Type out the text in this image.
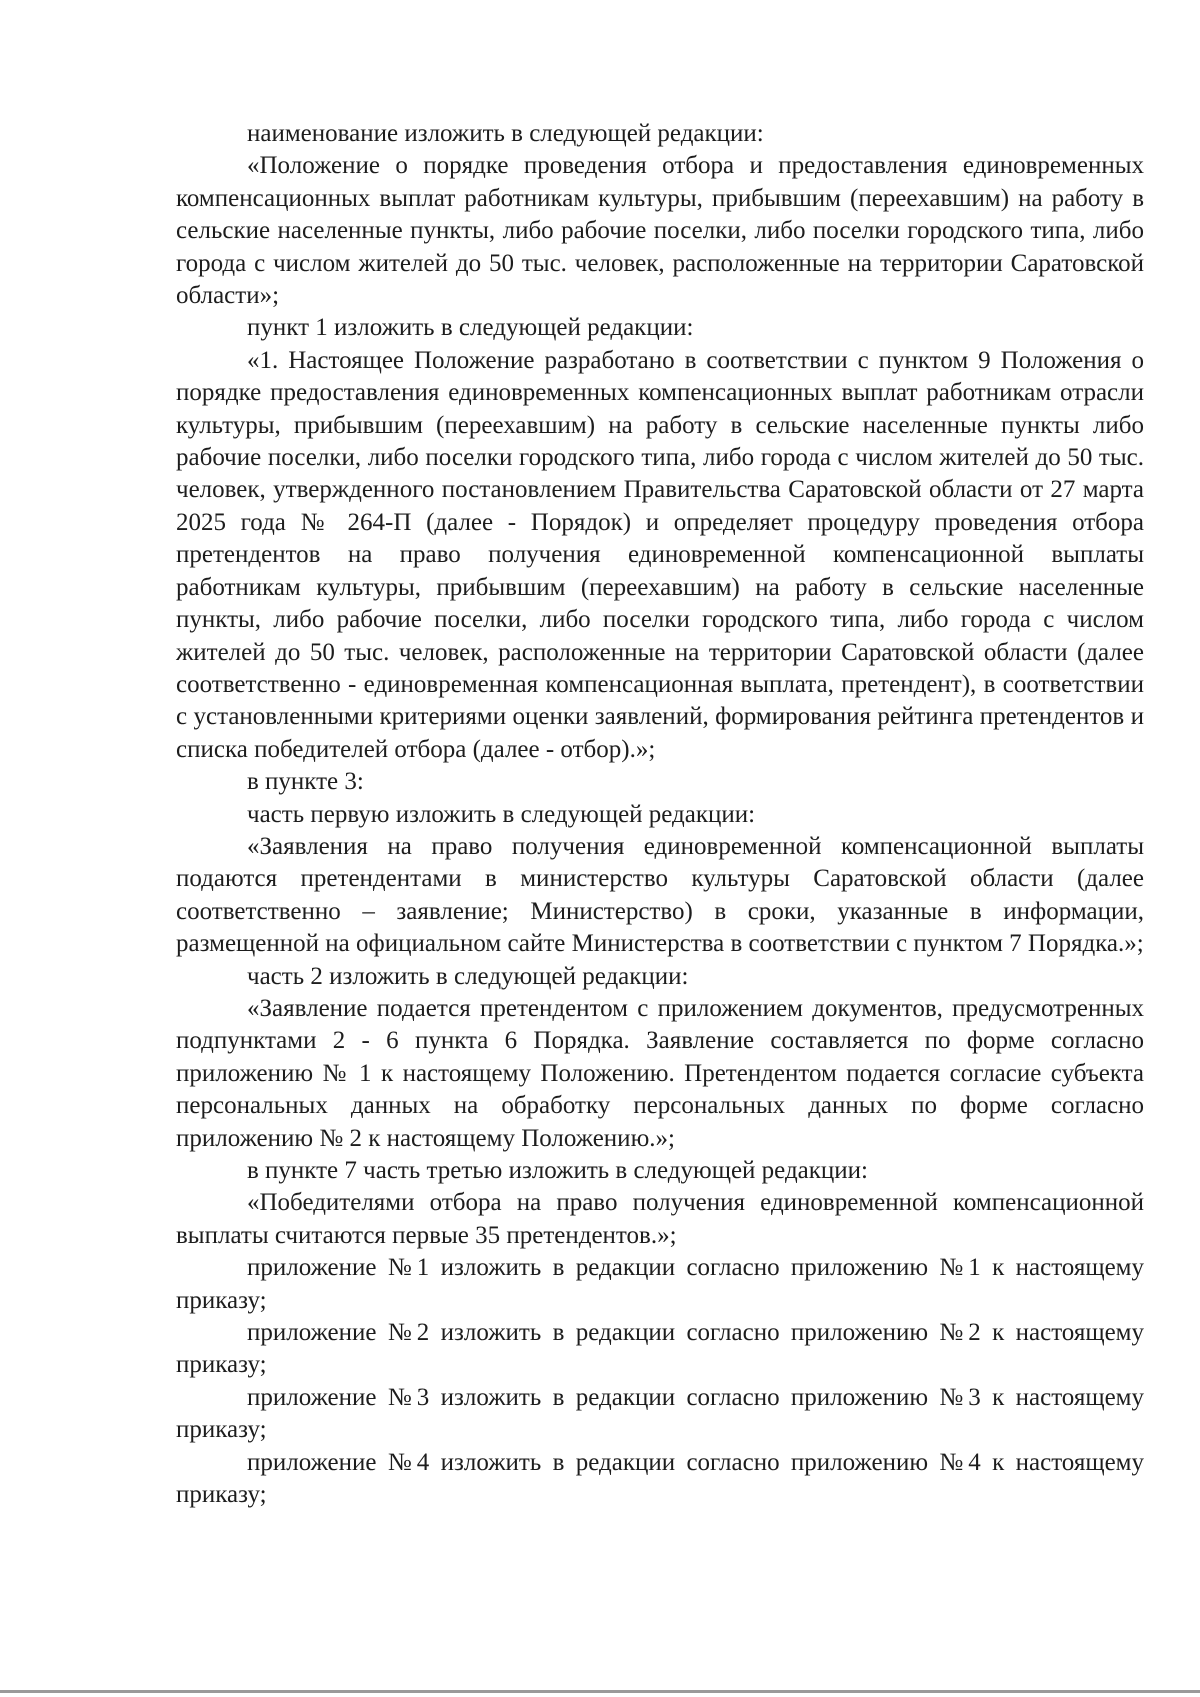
наименование изложить в следующей редакции:

«Положение о порядке проведения отбора и предоставления единовременных компенсационных выплат работникам культуры, прибывшим (переехавшим) на работу в сельские населенные пункты, либо рабочие поселки, либо поселки городского типа, либо города с числом жителей до 50 тыс. человек, расположенные на территории Саратовской области»;

пункт 1 изложить в следующей редакции:

«1. Настоящее Положение разработано в соответствии с пунктом 9 Положения о порядке предоставления единовременных компенсационных выплат работникам отрасли культуры, прибывшим (переехавшим) на работу в сельские населенные пункты либо рабочие поселки, либо поселки городского типа, либо города с числом жителей до 50 тыс. человек, утвержденного постановлением Правительства Саратовской области от 27 марта 2025 года № 264-П (далее - Порядок) и определяет процедуру проведения отбора претендентов на право получения единовременной компенсационной выплаты работникам культуры, прибывшим (переехавшим) на работу в сельские населенные пункты, либо рабочие поселки, либо поселки городского типа, либо города с числом жителей до 50 тыс. человек, расположенные на территории Саратовской области (далее соответственно - единовременная компенсационная выплата, претендент), в соответствии с установленными критериями оценки заявлений, формирования рейтинга претендентов и списка победителей отбора (далее - отбор).»;

в пункте 3:

часть первую изложить в следующей редакции:

«Заявления на право получения единовременной компенсационной выплаты подаются претендентами в министерство культуры Саратовской области (далее соответственно – заявление; Министерство) в сроки, указанные в информации, размещенной на официальном сайте Министерства в соответствии с пунктом 7 Порядка.»;

часть 2 изложить в следующей редакции:

«Заявление подается претендентом с приложением документов, предусмотренных подпунктами 2 - 6 пункта 6 Порядка. Заявление составляется по форме согласно приложению № 1 к настоящему Положению. Претендентом подается согласие субъекта персональных данных на обработку персональных данных по форме согласно приложению № 2 к настоящему Положению.»;

в пункте 7 часть третью изложить в следующей редакции:

«Победителями отбора на право получения единовременной компенсационной выплаты считаются первые 35 претендентов.»;

приложение №1 изложить в редакции согласно приложению №1 к настоящему приказу;

приложение №2 изложить в редакции согласно приложению №2 к настоящему приказу;

приложение №3 изложить в редакции согласно приложению №3 к настоящему приказу;

приложение №4 изложить в редакции согласно приложению №4 к настоящему приказу;
